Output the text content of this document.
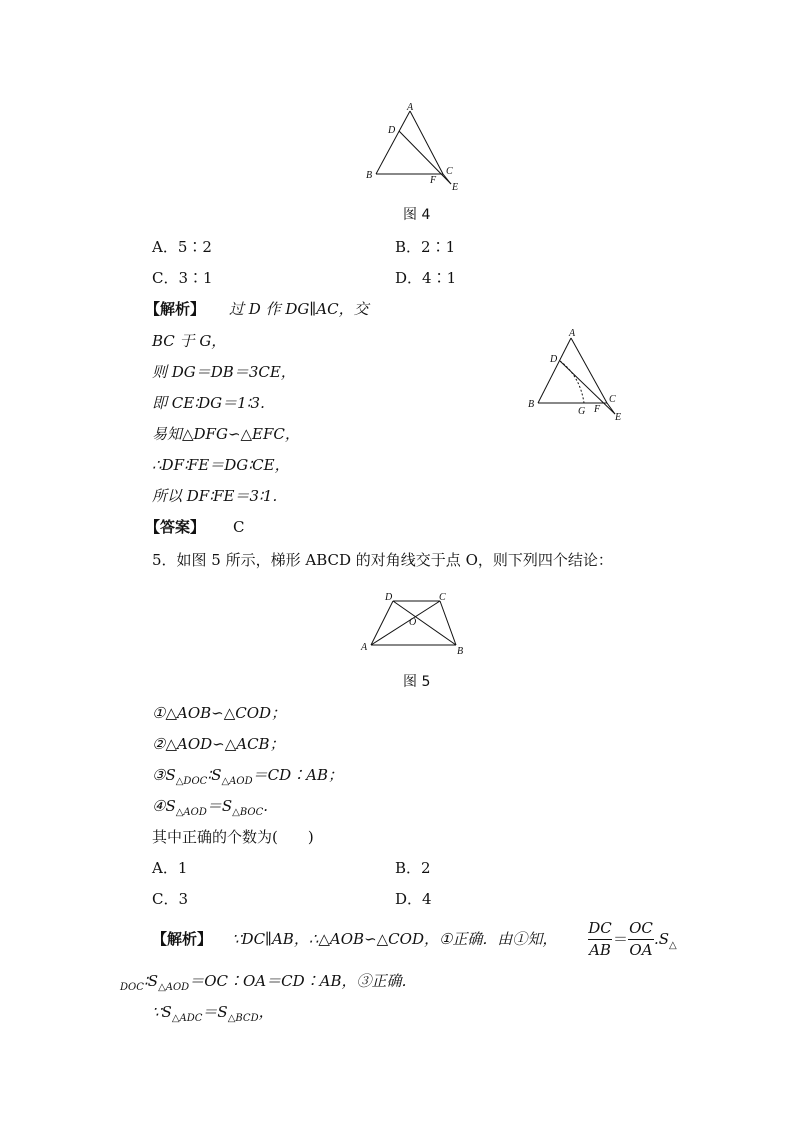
A
D
B	C
F
E
图 4
A．5∶2	B．2∶1
C．3∶1	D．4∶1
【解析】 过 D 作 DG∥AC，交
BC 于 G，
则 DG＝DB＝3CE，
即 CE∶DG＝1∶3.
易知△DFG∽△EFC，
∴DF∶FE＝DG∶CE，
所以 DF∶FE＝3∶1.
【答案】 C
A
D
B
G F
C
E
5．如图 5 所示，梯形 ABCD 的对角线交于点 O，则下列四个结论：
D	C
O
A	B
图 5
①△AOB∽△COD；
②△AOD∽△ACB；
$③S_{\triangle DOC}∶S_{\triangle AOD}=CD∶AB$；
$④S_{\triangle AOD}=S_{\triangle BOC}$.
其中正确的个数为(　　)
A．1	B．2
C．3	D．4
【解析】 ∵DC∥AB，∴△AOB∽△COD，①正确．由①知，
DC
AB
＝
OC
OA
$.S_\triangle$
$_{DOC}∶S_{\triangle AOD}=OC∶OA=CD∶AB$，③正确．
$\because S_{\triangle ADC}=S_{\triangle BCD}$，
